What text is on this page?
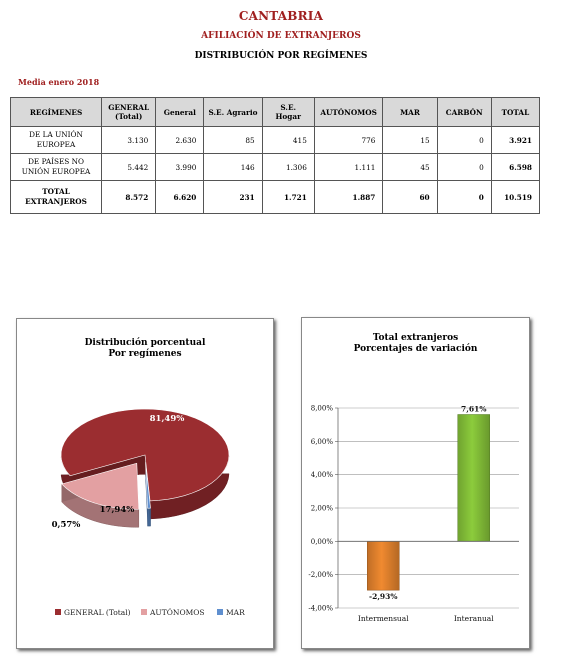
CANTABRIA
AFILIACIÓN DE EXTRANJEROS
DISTRIBUCIÓN POR REGÍMENES
Media enero 2018
REGÍMENES	GENERAL (Total)	General	S.E. Agrario	S.E. Hogar	AUTÓNOMOS	MAR	CARBÓN	TOTAL
DE LA UNIÓN EUROPEA	3.130	2.630	85	415	776	15	0	3.921
DE PAÍSES NO UNIÓN EUROPEA	5.442	3.990	146	1.306	1.111	45	0	6.598
TOTAL EXTRANJEROS	8.572	6.620	231	1.721	1.887	60	0	10.519
Distribución porcentual
Por regímenes
81,49%
17,94%
0,57%
GENERAL (Total)	AUTÓNOMOS	MAR
Total extranjeros
Porcentajes de variación
-4,00%
-2,00%
0,00%
2,00%
4,00%
6,00%
8,00%
-2,93%
Intermensual
7,61%
Interanual
